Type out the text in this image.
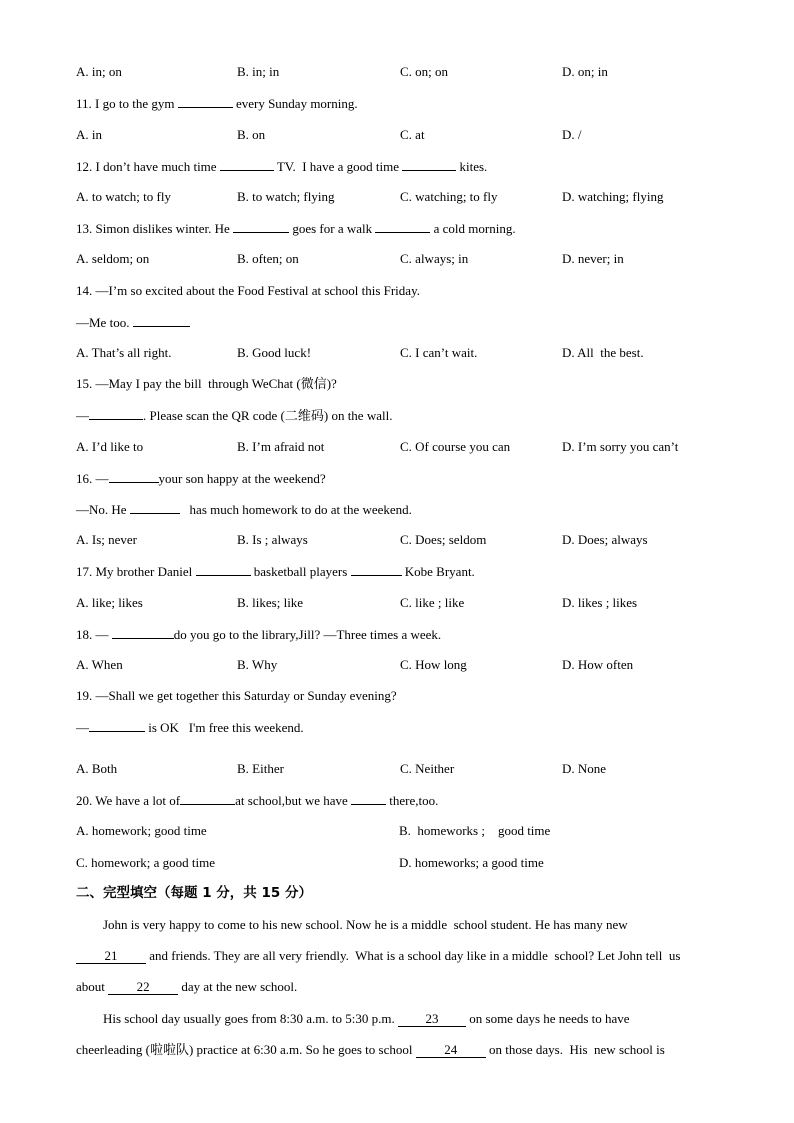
A. in; on	B. in; in	C. on; on	D. on; in
11. I go to the gym	every Sunday morning.
A. in	B. on	C. at	D. /
12. I don’t have much time	TV.  I have a good time	kites.
A. to watch; to fly	B. to watch; flying	C. watching; to fly	D. watching; flying
13. Simon dislikes winter. He	goes for a walk	a cold morning.
A. seldom; on	B. often; on	C. always; in	D. never; in
14. —I’m so excited about the Food Festival at school this Friday.
—Me too.
A. That’s all right.	B. Good luck!	C. I can’t wait.	D. All  the best.
15. —May I pay the bill  through WeChat (微信)?
—	. Please scan the QR code (二维码) on the wall.
A. I’d like to	B. I’m afraid not	C. Of course you can	D. I’m sorry you can’t
16. —	your son happy at the weekend?
—No. He	has much homework to do at the weekend.
A. Is; never	B. Is ; always	C. Does; seldom	D. Does; always
17. My brother Daniel	basketball players	Kobe Bryant.
A. like; likes	B. likes; like	C. like ; like	D. likes ; likes
18. —	do you go to the library,Jill? —Three times a week.
A. When	B. Why	C. How long	D. How often
19. —Shall we get together this Saturday or Sunday evening?
—	is OK   I'm free this weekend.
A. Both	B. Either	C. Neither	D. None
20. We have a lot of	at school,but we have	there,too.
A. homework; good time	B.  homeworks ;    good time
C. homework; a good time	D. homeworks; a good time
二、完型填空（每题 1 分，共 15 分）
John is very happy to come to his new school. Now he is a middle  school student. He has many new
21 and friends. They are all very friendly.  What is a school day like in a middle  school? Let John tell  us
about 22 day at the new school.
His school day usually goes from 8:30 a.m. to 5:30 p.m. 23 on some days he needs to have
cheerleading (啦啦队) practice at 6:30 a.m. So he goes to school 24 on those days.  His  new school is
